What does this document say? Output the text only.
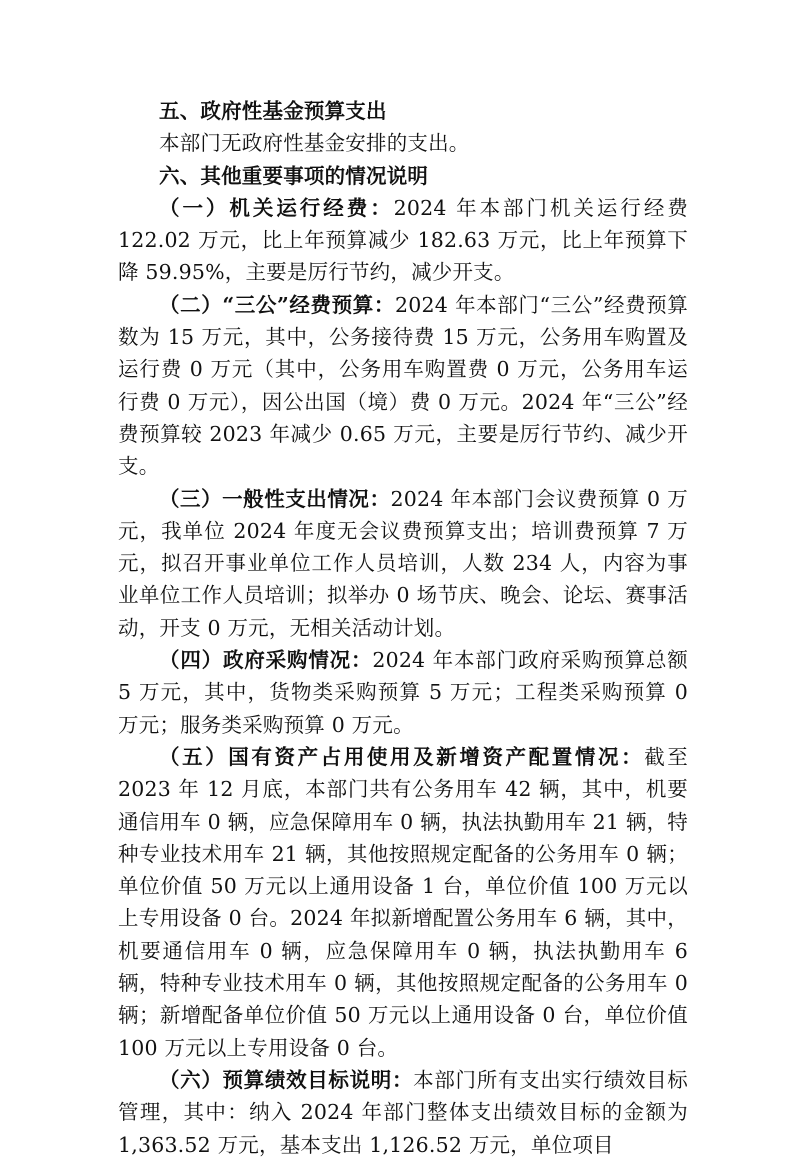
五、政府性基金预算支出

本部门无政府性基金安排的支出。

六、其他重要事项的情况说明

（一）机关运行经费：2024 年本部门机关运行经费 122.02 万元，比上年预算减少 182.63 万元，比上年预算下降 59.95%，主要是厉行节约，减少开支。

（二）“三公”经费预算：2024 年本部门“三公”经费预算数为 15 万元，其中，公务接待费 15 万元，公务用车购置及运行费 0 万元（其中，公务用车购置费 0 万元，公务用车运行费 0 万元），因公出国（境）费 0 万元。2024 年“三公”经费预算较 2023 年减少 0.65 万元，主要是厉行节约、减少开支。

（三）一般性支出情况：2024 年本部门会议费预算 0 万元，我单位 2024 年度无会议费预算支出；培训费预算 7 万元，拟召开事业单位工作人员培训，人数 234 人，内容为事业单位工作人员培训；拟举办 0 场节庆、晚会、论坛、赛事活动，开支 0 万元，无相关活动计划。

（四）政府采购情况：2024 年本部门政府采购预算总额 5 万元，其中，货物类采购预算 5 万元；工程类采购预算 0 万元；服务类采购预算 0 万元。

（五）国有资产占用使用及新增资产配置情况：截至 2023 年 12 月底，本部门共有公务用车 42 辆，其中，机要通信用车 0 辆，应急保障用车 0 辆，执法执勤用车 21 辆，特种专业技术用车 21 辆，其他按照规定配备的公务用车 0 辆；单位价值 50 万元以上通用设备 1 台，单位价值 100 万元以上专用设备 0 台。2024 年拟新增配置公务用车 6 辆，其中，机要通信用车 0 辆，应急保障用车 0 辆，执法执勤用车 6 辆，特种专业技术用车 0 辆，其他按照规定配备的公务用车 0 辆；新增配备单位价值 50 万元以上通用设备 0 台，单位价值 100 万元以上专用设备 0 台。

（六）预算绩效目标说明：本部门所有支出实行绩效目标管理，其中：纳入 2024 年部门整体支出绩效目标的金额为 1,363.52 万元，基本支出 1,126.52 万元，单位项目
